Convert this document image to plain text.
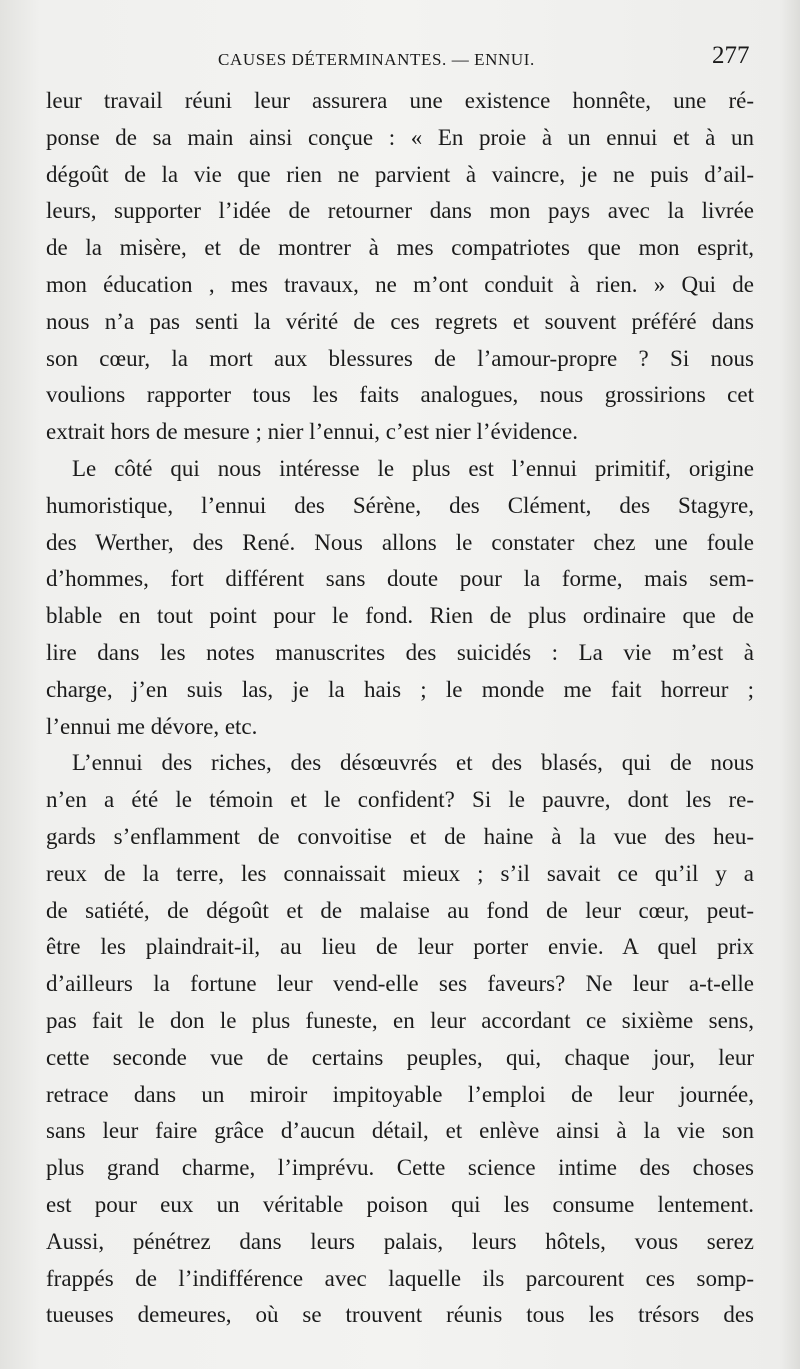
CAUSES DÉTERMINANTES. — ENNUI.	277
leur travail réuni leur assurera une existence honnête, une ré-
ponse de sa main ainsi conçue : « En proie à un ennui et à un
dégoût de la vie que rien ne parvient à vaincre, je ne puis d’ail-
leurs, supporter l’idée de retourner dans mon pays avec la livrée
de la misère, et de montrer à mes compatriotes que mon esprit,
mon éducation , mes travaux, ne m’ont conduit à rien. » Qui de
nous n’a pas senti la vérité de ces regrets et souvent préféré dans
son cœur, la mort aux blessures de l’amour-propre ? Si nous
voulions rapporter tous les faits analogues, nous grossirions cet
extrait hors de mesure ; nier l’ennui, c’est nier l’évidence.
Le côté qui nous intéresse le plus est l’ennui primitif, origine
humoristique, l’ennui des Sérène, des Clément, des Stagyre,
des Werther, des René. Nous allons le constater chez une foule
d’hommes, fort différent sans doute pour la forme, mais sem-
blable en tout point pour le fond. Rien de plus ordinaire que de
lire dans les notes manuscrites des suicidés : La vie m’est à
charge, j’en suis las, je la hais ; le monde me fait horreur ;
l’ennui me dévore, etc.
L’ennui des riches, des désœuvrés et des blasés, qui de nous
n’en a été le témoin et le confident? Si le pauvre, dont les re-
gards s’enflamment de convoitise et de haine à la vue des heu-
reux de la terre, les connaissait mieux ; s’il savait ce qu’il y a
de satiété, de dégoût et de malaise au fond de leur cœur, peut-
être les plaindrait-il, au lieu de leur porter envie. A quel prix
d’ailleurs la fortune leur vend-elle ses faveurs? Ne leur a-t-elle
pas fait le don le plus funeste, en leur accordant ce sixième sens,
cette seconde vue de certains peuples, qui, chaque jour, leur
retrace dans un miroir impitoyable l’emploi de leur journée,
sans leur faire grâce d’aucun détail, et enlève ainsi à la vie son
plus grand charme, l’imprévu. Cette science intime des choses
est pour eux un véritable poison qui les consume lentement.
Aussi, pénétrez dans leurs palais, leurs hôtels, vous serez
frappés de l’indifférence avec laquelle ils parcourent ces somp-
tueuses demeures, où se trouvent réunis tous les trésors des
